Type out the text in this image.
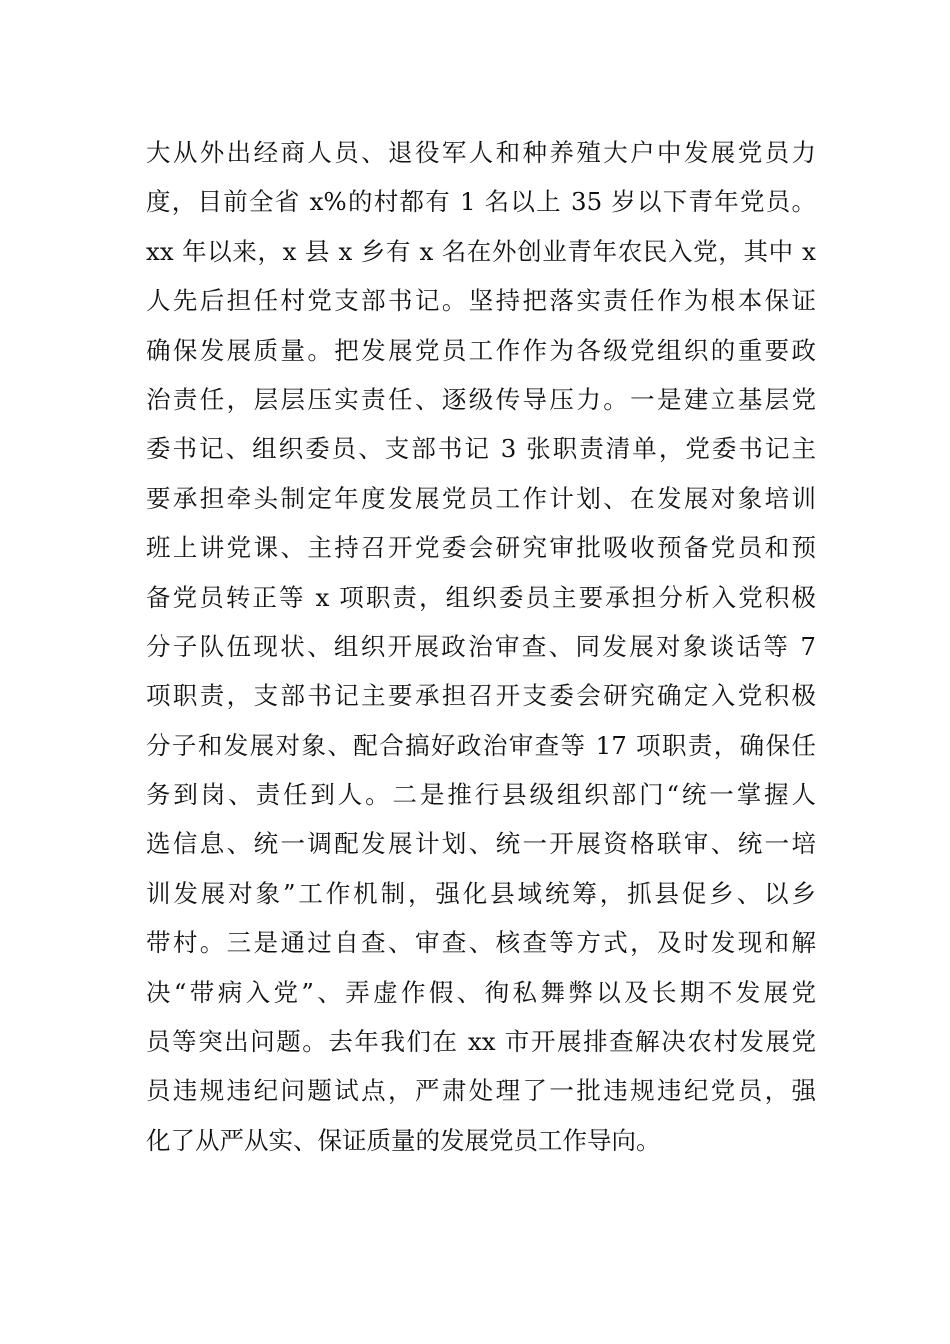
大从外出经商人员、退役军人和种养殖大户中发展党员力
度，目前全省 x%的村都有 1 名以上 35 岁以下青年党员。
xx 年以来，x 县 x 乡有 x 名在外创业青年农民入党，其中 x
人先后担任村党支部书记。坚持把落实责任作为根本保证
确保发展质量。把发展党员工作作为各级党组织的重要政
治责任，层层压实责任、逐级传导压力。一是建立基层党
委书记、组织委员、支部书记 3 张职责清单，党委书记主
要承担牵头制定年度发展党员工作计划、在发展对象培训
班上讲党课、主持召开党委会研究审批吸收预备党员和预
备党员转正等 x 项职责，组织委员主要承担分析入党积极
分子队伍现状、组织开展政治审查、同发展对象谈话等 7
项职责，支部书记主要承担召开支委会研究确定入党积极
分子和发展对象、配合搞好政治审查等 17 项职责，确保任
务到岗、责任到人。二是推行县级组织部门“统一掌握人
选信息、统一调配发展计划、统一开展资格联审、统一培
训发展对象”工作机制，强化县域统筹，抓县促乡、以乡
带村。三是通过自查、审查、核查等方式，及时发现和解
决“带病入党”、弄虚作假、徇私舞弊以及长期不发展党
员等突出问题。去年我们在 xx 市开展排查解决农村发展党
员违规违纪问题试点，严肃处理了一批违规违纪党员，强
化了从严从实、保证质量的发展党员工作导向。
